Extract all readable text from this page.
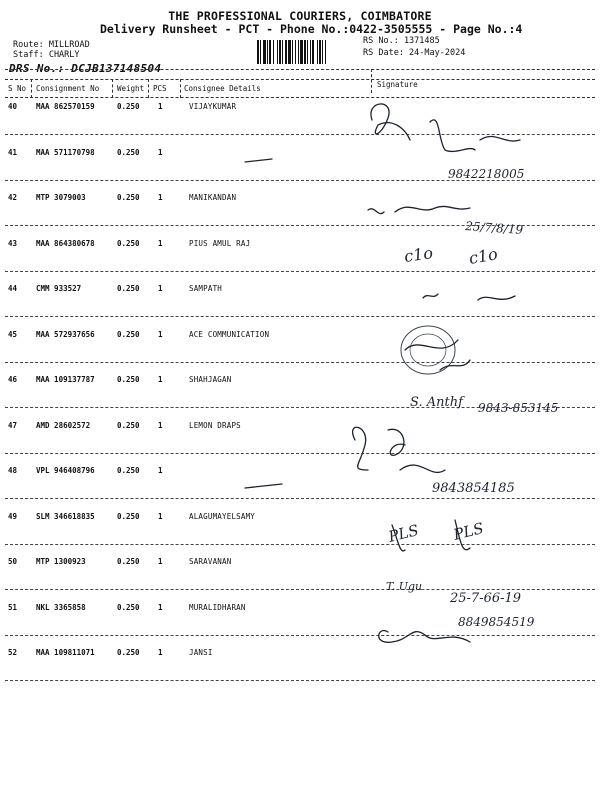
THE PROFESSIONAL COURIERS, COIMBATORE
Delivery Runsheet - PCT - Phone No.:0422-3505555 - Page No.:4
Route: MILLROAD
Staff: CHARLY
DRS No.: DCJB137148504
RS No.: 1371485
RS Date: 24-May-2024
S No Consignment No Weight PCS Consignee Details	Signature
40	MAA 862570159	0.250 1	VIJAYKUMAR
41	MAA 571170798	0.250 1
42	MTP 3079003	0.250 1	MANIKANDAN
43	MAA 864380678	0.250 1	PIUS AMUL RAJ
44	CMM 933527	0.250 1	SAMPATH
45	MAA 572937656	0.250 1	ACE COMMUNICATION
46	MAA 109137787	0.250 1	SHAHJAGAN
47	AMD 28602572	0.250 1	LEMON DRAPS
48	VPL 946408796	0.250 1
49	SLM 346618835	0.250 1	ALAGUMAYELSAMY
50	MTP 1300923	0.250 1	SARAVANAN
51	NKL 3365858	0.250 1	MURALIDHARAN
52	MAA 109811071	0.250 1	JANSI
9842218005
25/7/8/19
c1o c1o
S. Anthf 9843-853145
9843854185
PLS PLS
T. Ugu
25-7-66-19
8849854519
